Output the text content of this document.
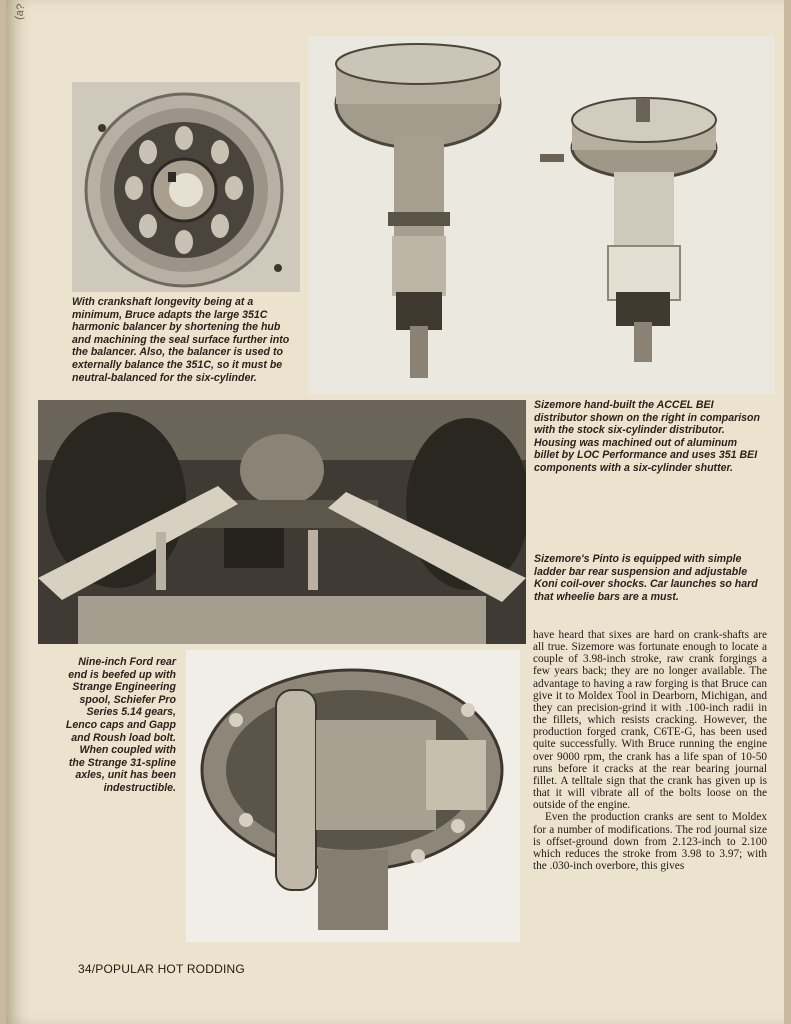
(a?

With crankshaft longevity being at a minimum, Bruce adapts the large 351C harmonic balancer by shortening the hub and machining the seal surface further into the balancer. Also, the balancer is used to externally balance the 351C, so it must be neutral-balanced for the six-cylinder.

Sizemore hand-built the ACCEL BEI distributor shown on the right in comparison with the stock six-cylinder distributor. Housing was machined out of aluminum billet by LOC Performance and uses 351 BEI components with a six-cylinder shutter.

Sizemore's Pinto is equipped with simple ladder bar rear suspension and adjustable Koni coil-over shocks. Car launches so hard that wheelie bars are a must.

Nine-inch Ford rear end is beefed up with Strange Engineering spool, Schiefer Pro Series 5.14 gears, Lenco caps and Gapp and Roush load bolt. When coupled with the Strange 31-spline axles, unit has been indestructible.

have heard that sixes are hard on crank-shafts are all true. Sizemore was fortunate enough to locate a couple of 3.98-inch stroke, raw crank forgings a few years back; they are no longer available. The advantage to having a raw forging is that Bruce can give it to Moldex Tool in Dearborn, Michigan, and they can precision-grind it with .100-inch radii in the fillets, which resists cracking. However, the production forged crank, C6TE-G, has been used quite successfully. With Bruce running the engine over 9000 rpm, the crank has a life span of 10-50 runs before it cracks at the rear bearing journal fillet. A telltale sign that the crank has given up is that it will vibrate all of the bolts loose on the outside of the engine.

Even the production cranks are sent to Moldex for a number of modifications. The rod journal size is offset-ground down from 2.123-inch to 2.100 which reduces the stroke from 3.98 to 3.97; with the .030-inch overbore, this gives

34/POPULAR HOT RODDING
